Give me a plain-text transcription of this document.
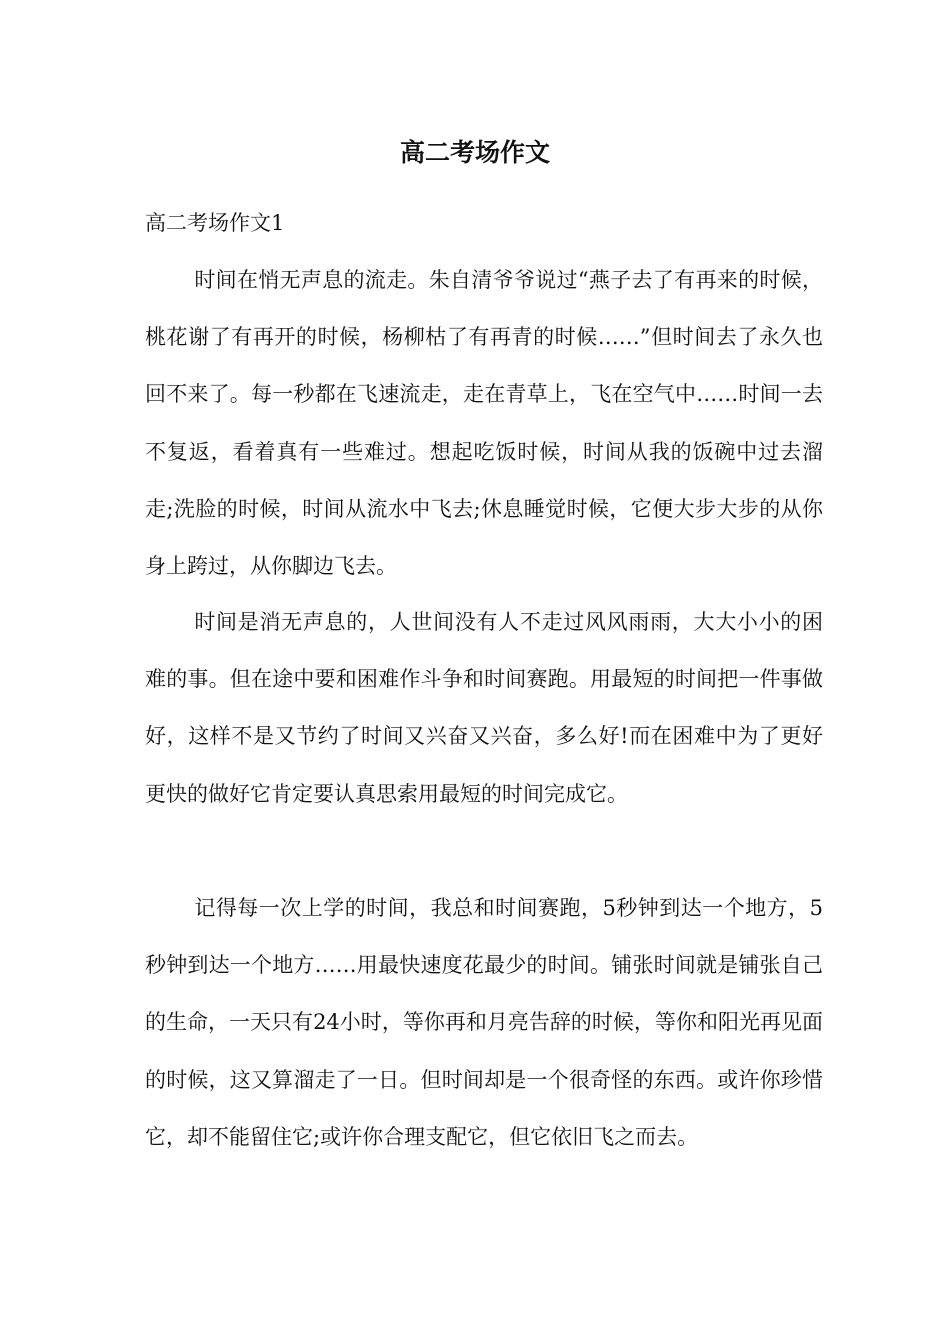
高二考场作文

高二考场作文1

时间在悄无声息的流走。朱自清爷爷说过“燕子去了有再来的时候，桃花谢了有再开的时候，杨柳枯了有再青的时候……”但时间去了永久也回不来了。每一秒都在飞速流走，走在青草上，飞在空气中……时间一去不复返，看着真有一些难过。想起吃饭时候，时间从我的饭碗中过去溜走;洗脸的时候，时间从流水中飞去;休息睡觉时候，它便大步大步的从你身上跨过，从你脚边飞去。

时间是消无声息的，人世间没有人不走过风风雨雨，大大小小的困难的事。但在途中要和困难作斗争和时间赛跑。用最短的时间把一件事做好，这样不是又节约了时间又兴奋又兴奋，多么好!而在困难中为了更好更快的做好它肯定要认真思索用最短的时间完成它。

记得每一次上学的时间，我总和时间赛跑，5秒钟到达一个地方，5秒钟到达一个地方……用最快速度花最少的时间。铺张时间就是铺张自己的生命，一天只有24小时，等你再和月亮告辞的时候，等你和阳光再见面的时候，这又算溜走了一日。但时间却是一个很奇怪的东西。或许你珍惜它，却不能留住它;或许你合理支配它，但它依旧飞之而去。
